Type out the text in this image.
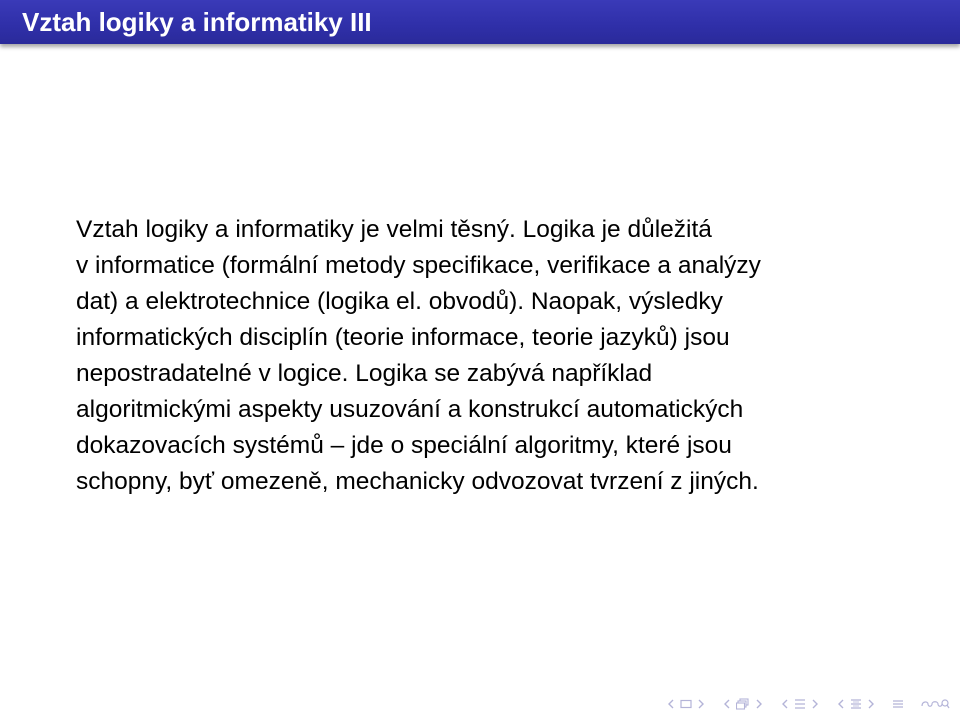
Vztah logiky a informatiky III
Vztah logiky a informatiky je velmi těsný. Logika je důležitá
v informatice (formální metody specifikace, verifikace a analýzy
dat) a elektrotechnice (logika el. obvodů). Naopak, výsledky
informatických disciplín (teorie informace, teorie jazyků) jsou
nepostradatelné v logice. Logika se zabývá například
algoritmickými aspekty usuzování a konstrukcí automatických
dokazovacích systémů – jde o speciální algoritmy, které jsou
schopny, byť omezeně, mechanicky odvozovat tvrzení z jiných.
